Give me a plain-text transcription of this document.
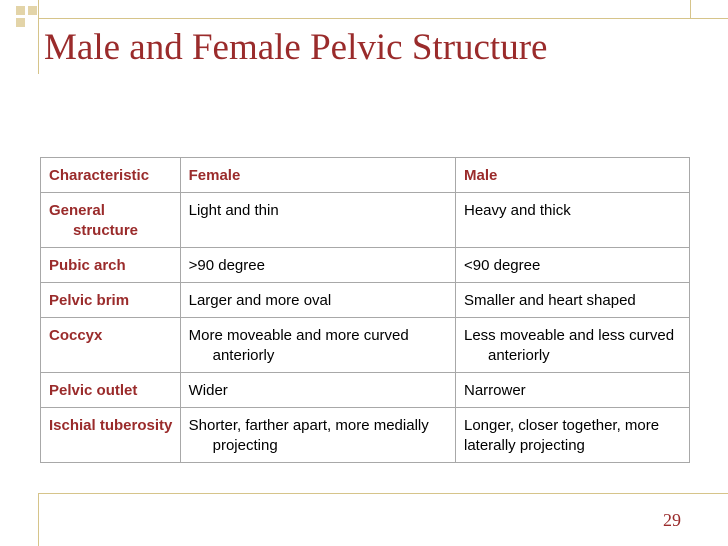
Male and Female Pelvic Structure
Characteristic	Female	Male

General structure	Light and thin	Heavy and thick
Pubic arch	>90 degree	<90 degree
Pelvic brim	Larger and more oval	Smaller and heart shaped
Coccyx	More moveable and more curved anteriorly	Less moveable and less curved anteriorly

Pelvic outlet	Wider	Narrower

Ischial tuberosity	Shorter, farther apart, more medially projecting	Longer, closer together, more laterally projecting
29
